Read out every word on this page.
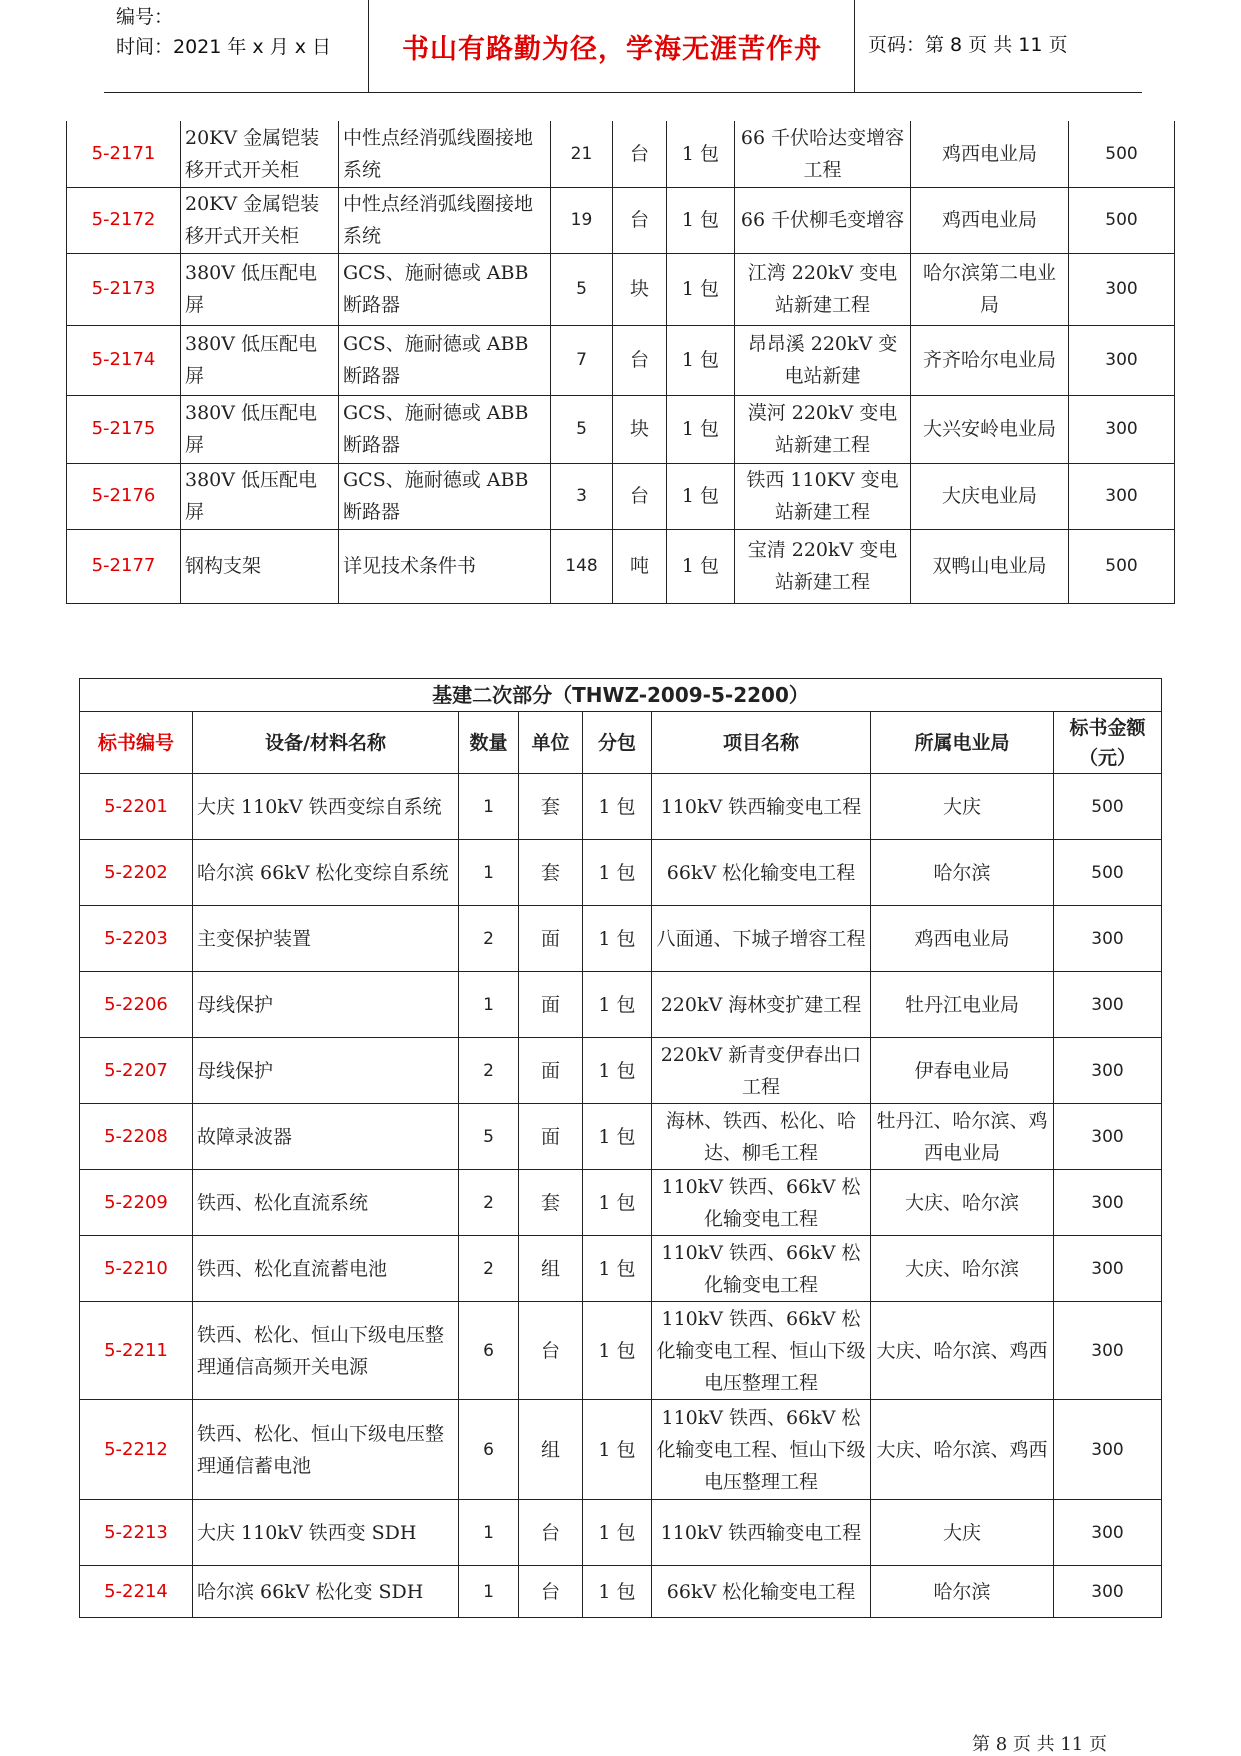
编号：
时间：2021 年 x 月 x 日	书山有路勤为径，学海无涯苦作舟	页码：第 8 页 共 11 页
5-2171	20KV 金属铠装移开式开关柜	中性点经消弧线圈接地系统	21	台	1 包	66 千伏哈达变增容工程	鸡西电业局	500
5-2172	20KV 金属铠装移开式开关柜	中性点经消弧线圈接地系统	19	台	1 包	66 千伏柳毛变增容	鸡西电业局	500
5-2173	380V 低压配电屏	GCS、施耐德或 ABB 断路器	5	块	1 包	江湾 220kV 变电站新建工程	哈尔滨第二电业局	300
5-2174	380V 低压配电屏	GCS、施耐德或 ABB 断路器	7	台	1 包	昂昂溪 220kV 变电站新建	齐齐哈尔电业局	300
5-2175	380V 低压配电屏	GCS、施耐德或 ABB 断路器	5	块	1 包	漠河 220kV 变电站新建工程	大兴安岭电业局	300
5-2176	380V 低压配电屏	GCS、施耐德或 ABB 断路器	3	台	1 包	铁西 110KV 变电站新建工程	大庆电业局	300
5-2177	钢构支架	详见技术条件书	148	吨	1 包	宝清 220kV 变电站新建工程	双鸭山电业局	500
基建二次部分（THWZ-2009-5-2200）							
标书编号	设备/材料名称	数量	单位	分包	项目名称	所属电业局	标书金额（元）
5-2201	大庆 110kV 铁西变综自系统	1	套	1 包	110kV 铁西输变电工程	大庆	500
5-2202	哈尔滨 66kV 松化变综自系统	1	套	1 包	66kV 松化输变电工程	哈尔滨	500
5-2203	主变保护装置	2	面	1 包	八面通、下城子增容工程	鸡西电业局	300
5-2206	母线保护	1	面	1 包	220kV 海林变扩建工程	牡丹江电业局	300
5-2207	母线保护	2	面	1 包	220kV 新青变伊春出口工程	伊春电业局	300
5-2208	故障录波器	5	面	1 包	海林、铁西、松化、哈达、柳毛工程	牡丹江、哈尔滨、鸡西电业局	300
5-2209	铁西、松化直流系统	2	套	1 包	110kV 铁西、66kV 松化输变电工程	大庆、哈尔滨	300
5-2210	铁西、松化直流蓄电池	2	组	1 包	110kV 铁西、66kV 松化输变电工程	大庆、哈尔滨	300
5-2211	铁西、松化、恒山下级电压整理通信高频开关电源	6	台	1 包	110kV 铁西、66kV 松化输变电工程、恒山下级电压整理工程	大庆、哈尔滨、鸡西	300
5-2212	铁西、松化、恒山下级电压整理通信蓄电池	6	组	1 包	110kV 铁西、66kV 松化输变电工程、恒山下级电压整理工程	大庆、哈尔滨、鸡西	300
5-2213	大庆 110kV 铁西变 SDH	1	台	1 包	110kV 铁西输变电工程	大庆	300
5-2214	哈尔滨 66kV 松化变 SDH	1	台	1 包	66kV 松化输变电工程	哈尔滨	300
第 8 页 共 11 页
